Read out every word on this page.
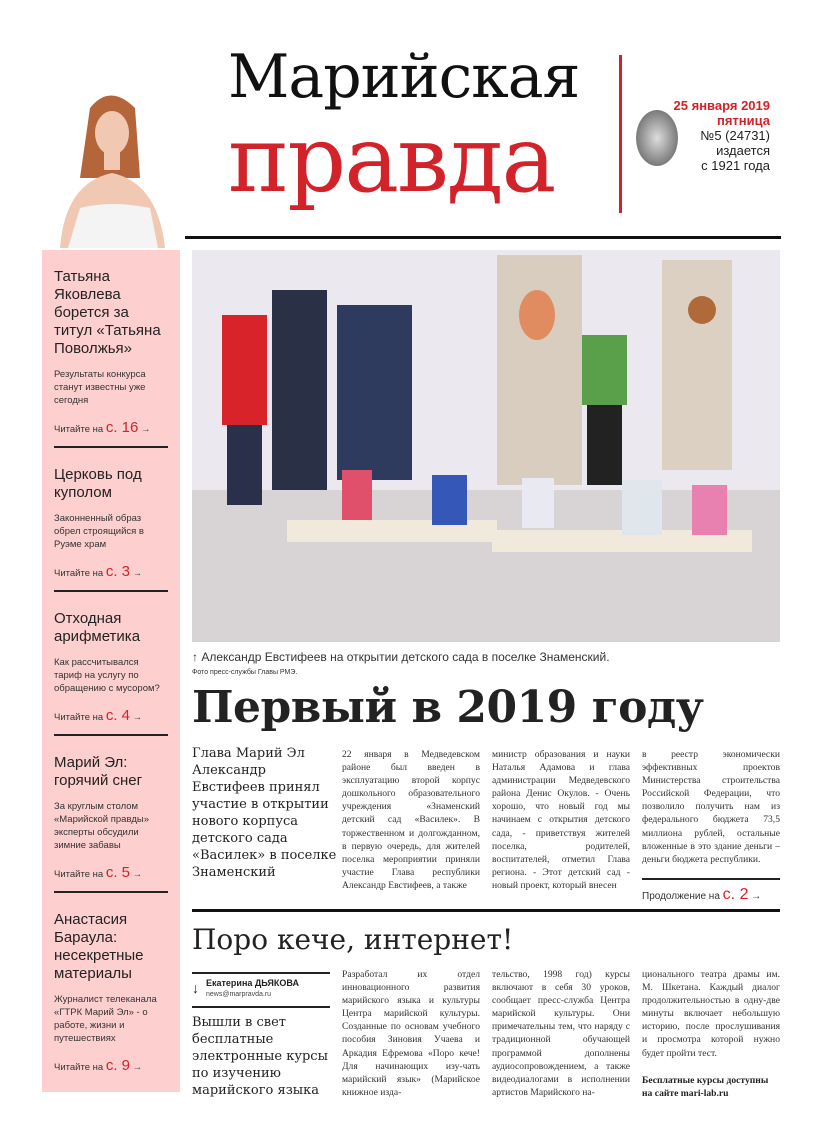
Марийская
правда
25 января 2019
пятница
№5 (24731)
издается
с 1921 года
Татьяна Яковлева борется за титул «Татьяна Поволжья»
Результаты конкурса станут известны уже сегодня
Читайте на с. 16 →
Церковь под куполом
Законненный образ обрел строящийся в Руэме храм
Читайте на с. 3 →
Отходная арифметика
Как рассчитывался тариф на услугу по обращению с мусором?
Читайте на с. 4 →
Марий Эл: горячий снег
За круглым столом «Марийской правды» эксперты обсудили зимние забавы
Читайте на с. 5 →
Анастасия Бараула: несекретные материалы
Журналист телеканала «ГТРК Марий Эл» - о работе, жизни и путешествиях
Читайте на с. 9 →
↑ Александр Евстифеев на открытии детского сада в поселке Знаменский.
Фото пресс-службы Главы РМЭ.
Первый в 2019 году
Глава Марий Эл Александр Евстифеев принял участие в открытии нового корпуса детского сада «Василек» в поселке Знаменский
22 января в Медведевском районе был введен в эксплуатацию второй корпус дошкольного образовательного учреждения «Знаменский детский сад «Василек». В торжественном и долгожданном, в первую очередь, для жителей поселка мероприятии приняли участие Глава республики Александр Евстифеев, а также
министр образования и науки Наталья Адамова и глава администрации Медведевского района Денис Окулов. - Очень хорошо, что новый год мы начинаем с открытия детского сада, - приветствуя жителей поселка, родителей, воспитателей, отметил Глава региона. - Этот детский сад - новый проект, который внесен
в реестр экономически эффективных проектов Министерства строительства Российской Федерации, что позволило получить нам из федерального бюджета 73,5 миллиона рублей, остальные вложенные в это здание деньги – деньги бюджета республики.
Продолжение на с. 2 →
Поро кече, интернет!
↓ Екатерина ДЬЯКОВА
news@marpravda.ru
Вышли в свет бесплатные электронные курсы по изучению марийского языка
Разработал их отдел инновационного развития марийского языка и культуры Центра марийской культуры. Созданные по основам учебного пособия Зиновия Учаева и Аркадия Ефремова «Поро кече! Для начинающих изу-чать марийский язык» (Марийское книжное изда-
тельство, 1998 год) курсы включают в себя 30 уроков, сообщает пресс-служба Центра марийской культуры. Они примечательны тем, что наряду с традиционной обучающей программой дополнены аудиосопровождением, а также видеодиалогами в исполнении артистов Марийского на-
ционального театра драмы им. М. Шкетана. Каждый диалог продолжительностью в одну-две минуты включает небольшую историю, после прослушивания и просмотра которой нужно будет пройти тест.
Бесплатные курсы доступны на сайте mari-lab.ru
